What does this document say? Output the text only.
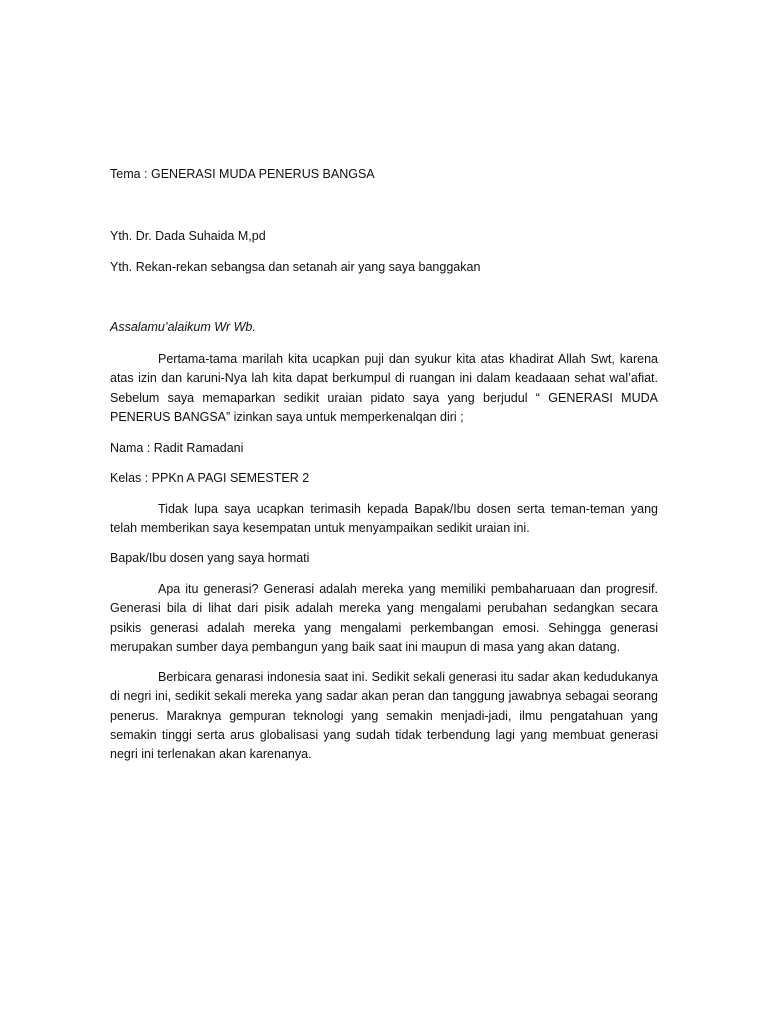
Tema : GENERASI MUDA PENERUS BANGSA

Yth. Dr. Dada Suhaida M,pd

Yth. Rekan-rekan sebangsa dan setanah air yang saya banggakan

Assalamu’alaikum Wr Wb.

Pertama-tama marilah kita ucapkan puji dan syukur kita atas khadirat Allah Swt, karena atas izin dan karuni-Nya lah kita dapat berkumpul di ruangan ini dalam keadaaan sehat wal’afiat. Sebelum saya memaparkan sedikit uraian pidato saya yang berjudul “ GENERASI MUDA PENERUS BANGSA” izinkan saya untuk memperkenalqan diri ;

Nama : Radit Ramadani

Kelas : PPKn A PAGI SEMESTER 2

Tidak lupa saya ucapkan terimasih kepada Bapak/Ibu dosen serta teman-teman yang telah memberikan saya kesempatan untuk menyampaikan sedikit uraian ini.

Bapak/Ibu dosen yang saya hormati

Apa itu generasi? Generasi adalah mereka yang memiliki pembaharuaan dan progresif. Generasi bila di lihat dari pisik adalah mereka yang mengalami perubahan sedangkan secara psikis generasi adalah mereka yang mengalami perkembangan emosi. Sehingga generasi merupakan sumber daya pembangun yang baik saat ini maupun di masa yang akan datang.

Berbicara genarasi indonesia saat ini. Sedikit sekali generasi itu sadar akan kedudukanya di negri ini, sedikit sekali mereka yang sadar akan peran dan tanggung jawabnya sebagai seorang penerus. Maraknya gempuran teknologi yang semakin menjadi-jadi, ilmu pengatahuan yang semakin tinggi serta arus globalisasi yang sudah tidak terbendung lagi yang membuat generasi negri ini terlenakan akan karenanya.
